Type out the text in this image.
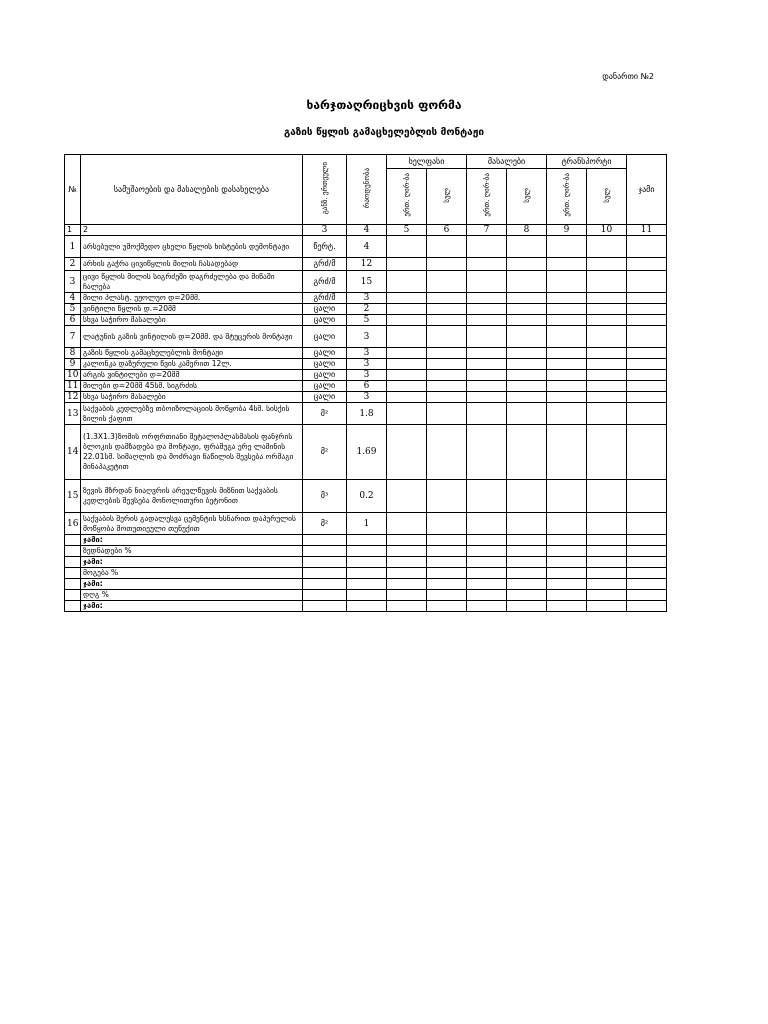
დანართი №2
ხარჯთაღრიცხვის ფორმა
გაზის წყლის გამაცხელებლის მონტაჟი
№	სამუშაოების და მასალების დასახელება	განზ. ერთეული	რაოდენობა	ხელფასი		მასალები		ტრანსპორტი		ჯამი
				ერთ. ღირ-ბა	სულ	ერთ. ღირ-ბა	სულ	ერთ. ღირ-ბა	სულ	
1	2	3	4	5	6	7	8	9	10	11
1	არსებული უმოქმედო ცხელი წყლის ხისტების დემონტაჟი	წერტ.	4							
2	არხის გაჭრა ცივიწყლის მილის ჩასადებად	გრძ/მ	12							
3	ცივი წყლის მილის სიგრძეში დაგრძელება და მიწაში ჩალება	გრძ/მ	15							
4	მილი პლასტ. უჟოლუო დ=20მმ.	გრძ/მ	3							
5	ვინტილი წყლის დ.=20მმ	ცალი	2							
6	სხვა საჭირო მასალები	ცალი	5							
7	ლატუნის გაზის ვინტილის დ=20მმ. და შტუცერის მონტაჟი	ცალი	3							
8	გაზის წყლის გამაცხელებლის მონტაჟი	ცალი	3							
9	კალონკა დაზურული წვის კამერით 12ლ.	ცალი	3							
10	არგის ვინტილები დ=20მმ	ცალი	3							
11	მილები დ=20მმ 45სმ. სიგრძის	ცალი	6							
12	სხვა საჭირო მასალები	ცალი	3							
13	საქვაბის კედლებზე თბოიზოლაციის მოწყობა 4სმ. სისქის ზილის ქაფით	მ²	1.8							
14	(1.3X1.3)ზომის ორფრთიანი მეტალოპლასმასის ფანჯრის ბლოკის დამზადება და მონტაჟი, ფრამუგა ერე ლამინის 22.01სმ. სიმაღლის და მოძრავი ნაწილის შევსება ორმაგი მინაპაკეტით	მ²	1.69							
15	ზევის მზრდან ნიაღვრის არეულწევის მიზნით საქვაბის კედლების შევსება მონოლითური ბეტონით	მ³	0.2							
16	საქვაბის შერის გადალესვა ცემენტის ხსნარით დაპურულის მოწყობა მოთუთიეული თუნუქით	მ²	1							
	ჯამი:									
	ზედნადები %									
	ჯამი:									
	მოგება %									
	ჯამი:									
	დღგ %									
	ჯამი:									
